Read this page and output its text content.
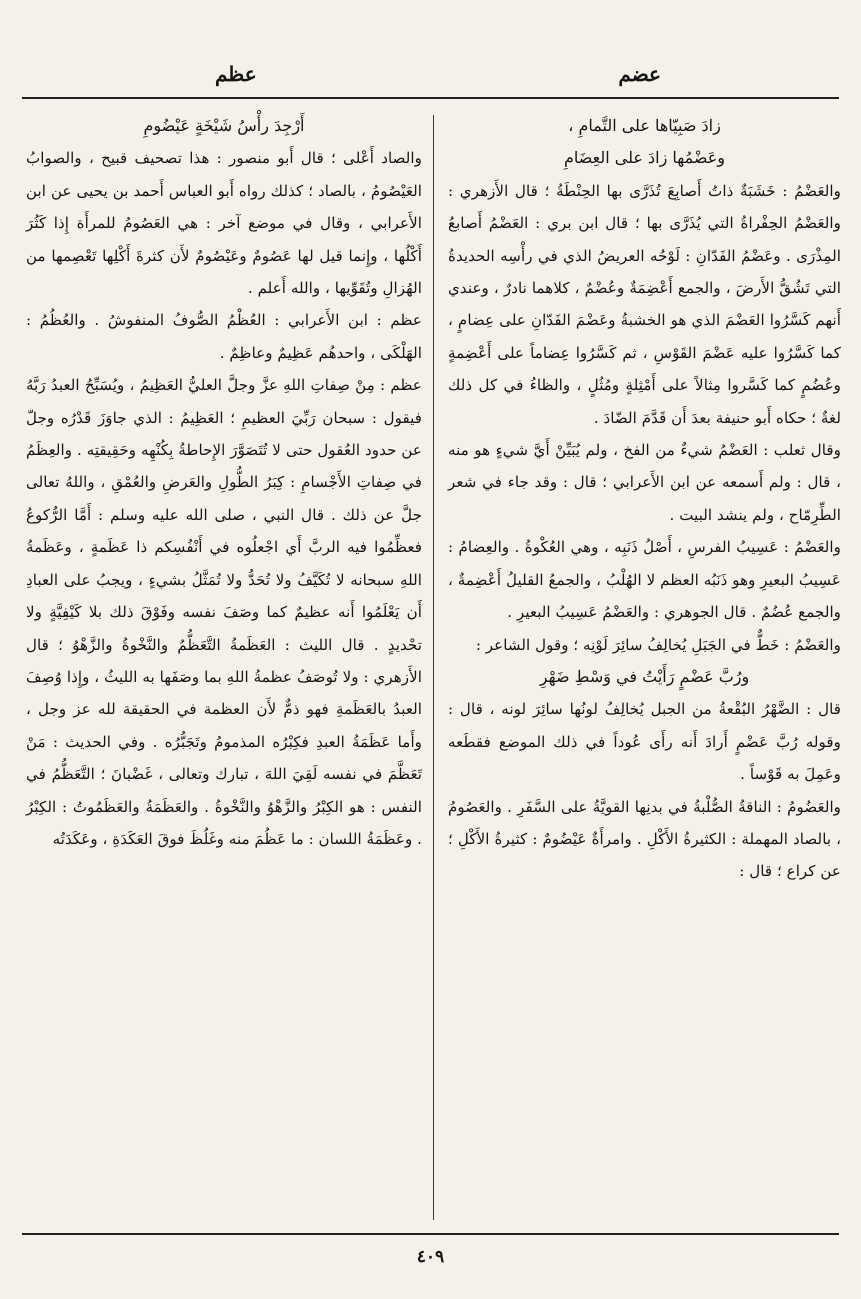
عضم
عظم

زادَ صَبِيّاها على التَّمامِ ،

وعَضْمُها زادَ على العِضَامِ

والعَضْمُ : خَشَبَةٌ ذاتُ أَصابِعَ تُذَرَّى بها الحِنْطَةُ ؛ قال الأَزهري : والعَضْمُ الحِفْراةُ التي يُذَرَّى بها ؛ قال ابن بري : العَضْمُ أَصابعُ المِذْرَى . وعَضْمُ الفَدّانِ : لَوْحُه العريضُ الذي في رأْسِه الحديدةُ التي تَشُقُّ الأَرضَ ، والجمع أَعْضِمَةٌ وعُضْمٌ ، كلاهما نادرٌ ، وعندي أَنهم كَسَّرُوا العَضْمَ الذي هو الخشبةُ وعَضْمَ الفَدّانِ على عِضامٍ ، كما كَسَّرُوا عليه عَضْمَ القَوْسِ ، ثم كَسَّرُوا عِضاماً على أَعْضِمةٍ وعُضُمٍ كما كَسَّروا مِثالاً على أَمْثِلةٍ ومُثُلٍ ، والظاءُ في كل ذلك لغةٌ ؛ حكاه أَبو حنيفة بعدَ أَن قَدَّمَ الضّادَ .

وقال ثعلب : العَضْمُ شيءٌ من الفخ ، ولم يُبَيِّنْ أَيَّ شيءٍ هو منه ، قال : ولم أَسمعه عن ابن الأَعرابي ؛ قال : وقد جاء في شعر الطِّرِمّاح ، ولم ينشد البيت .

والعَضْمُ : عَسِيبُ الفرسِ ، أَصْلُ ذَنَبِه ، وهي العُكْوةُ . والعِضامُ : عَسِيبُ البعيرِ وهو ذَنَبُه العظم لا الهُلْبُ ، والجمعُ القليلُ أَعْضِمةٌ ، والجمع عُضُمٌ . قال الجوهري : والعَضْمُ عَسِيبُ البعيرِ .

والعَضْمُ : خَطٌّ في الجَبَلِ يُخالِفُ سائِرَ لَوْنِه ؛ وقول الشاعر :

ورُبَّ عَضْمٍ رَأَيْتُ في وَسْطِ ضَهْرِ

قال : الضَّهْرُ البُقْعةُ من الجبل يُخالِفُ لونُها سائِرَ لونه ، قال : وقوله رُبَّ عَضْمٍ أَرادَ أَنه رأَى عُوداً في ذلك الموضع فقطَعه وعَمِلَ به قَوْساً .

والعَضُومُ : الناقةُ الصُّلْبةُ في بدنِها القويَّةُ على السَّفَرِ . والعَصُومُ ، بالصاد المهملة : الكثيرةُ الأَكْلِ . وامرأَةٌ عَيْضُومٌ : كثيرةُ الأَكْلِ ؛ عن كراع ؛ قال :

أَرْجِدَ رأْسُ شَيْخَةٍ عَيْضُومِ

والصاد أَعْلى ؛ قال أَبو منصور : هذا تصحيف قبيح ، والصوابُ العَيْصُومُ ، بالصاد ؛ كذلك رواه أَبو العباس أَحمد بن يحيى عن ابن الأَعرابي ، وقال في موضع آخر : هي العَصُومُ للمرأَة إِذا كَثُرَ أَكْلُها ، وإِنما قيل لها عَصُومٌ وعَيْصُومٌ لأَن كثرةَ أَكْلِها تَعْصِمها من الهُزالِ وتُقَوِّيها ، والله أَعلم .

عظم : ابن الأَعرابي : العُظْمُ الصُّوفُ المنفوشُ . والعُظُمُ : الهَلْكَى ، واحدهُم عَظِيمٌ وعاظِمٌ .

عظم : مِنْ صِفاتِ اللهِ عزَّ وجلَّ العليُّ العَظِيمُ ، ويُسَبِّحُ العبدُ رَبَّهُ فيقول : سبحان رَبِّيَ العظيمِ ؛ العَظِيمُ : الذي جاوَزَ قَدْرُه وجلّ عن حدود العُقول حتى لا تُتَصَوَّرَ الإِحاطةُ بِكُنْهِه وحَقِيقتِه . والعِظَمُ في صِفاتِ الأَجْسامِ : كِبَرُ الطُّولِ والعَرضِ والعُمْقِ ، واللهُ تعالى جلَّ عن ذلك . قال النبي ، صلى الله عليه وسلم : أَمَّا الرُّكوعُ فعظِّمُوا فيه الربَّ أَي اجْعلُوه في أَنْفُسِكم ذا عَظَمةٍ ، وعَظَمةُ اللهِ سبحانه لا تُكَيَّفُ ولا تُحَدُّ ولا تُمَثَّلُ بشيءٍ ، ويجبُ على العبادِ أَن يَعْلَمُوا أَنه عظيمٌ كما وصَفَ نفسه وفَوْقَ ذلك بلا كَيْفِيَّةٍ ولا تحْديدٍ . قال الليث : العَظَمةُ التَّعَظُّمُ والنَّخْوةُ والزَّهْوُ ؛ قال الأَزهري : ولا تُوصَفُ عظمةُ اللهِ بما وصَفَها به الليثُ ، وإِذا وُصِفَ العبدُ بالعَظَمةِ فهو ذمٌّ لأَن العظمة في الحقيقة لله عز وجل ، وأَما عَظَمَةُ العبدِ فكِبْرُه المذمومُ وتَجَبُّرُه . وفي الحديث : مَنْ تَعَظَّمَ في نفسه لَقِيَ اللهَ ، تبارك وتعالى ، غَضْبانَ ؛ التَّعَظُّمُ في النفس : هو الكِبْرُ والزَّهْوُ والنَّخْوةُ . والعَظَمَةُ والعَظَمُوتُ : الكِبْرُ . وعَظَمَةُ اللسان : ما عَظُمَ منه وغَلُظَ فوقَ العَكَدَةِ ، وعَكَدَتُه

٤٠٩
